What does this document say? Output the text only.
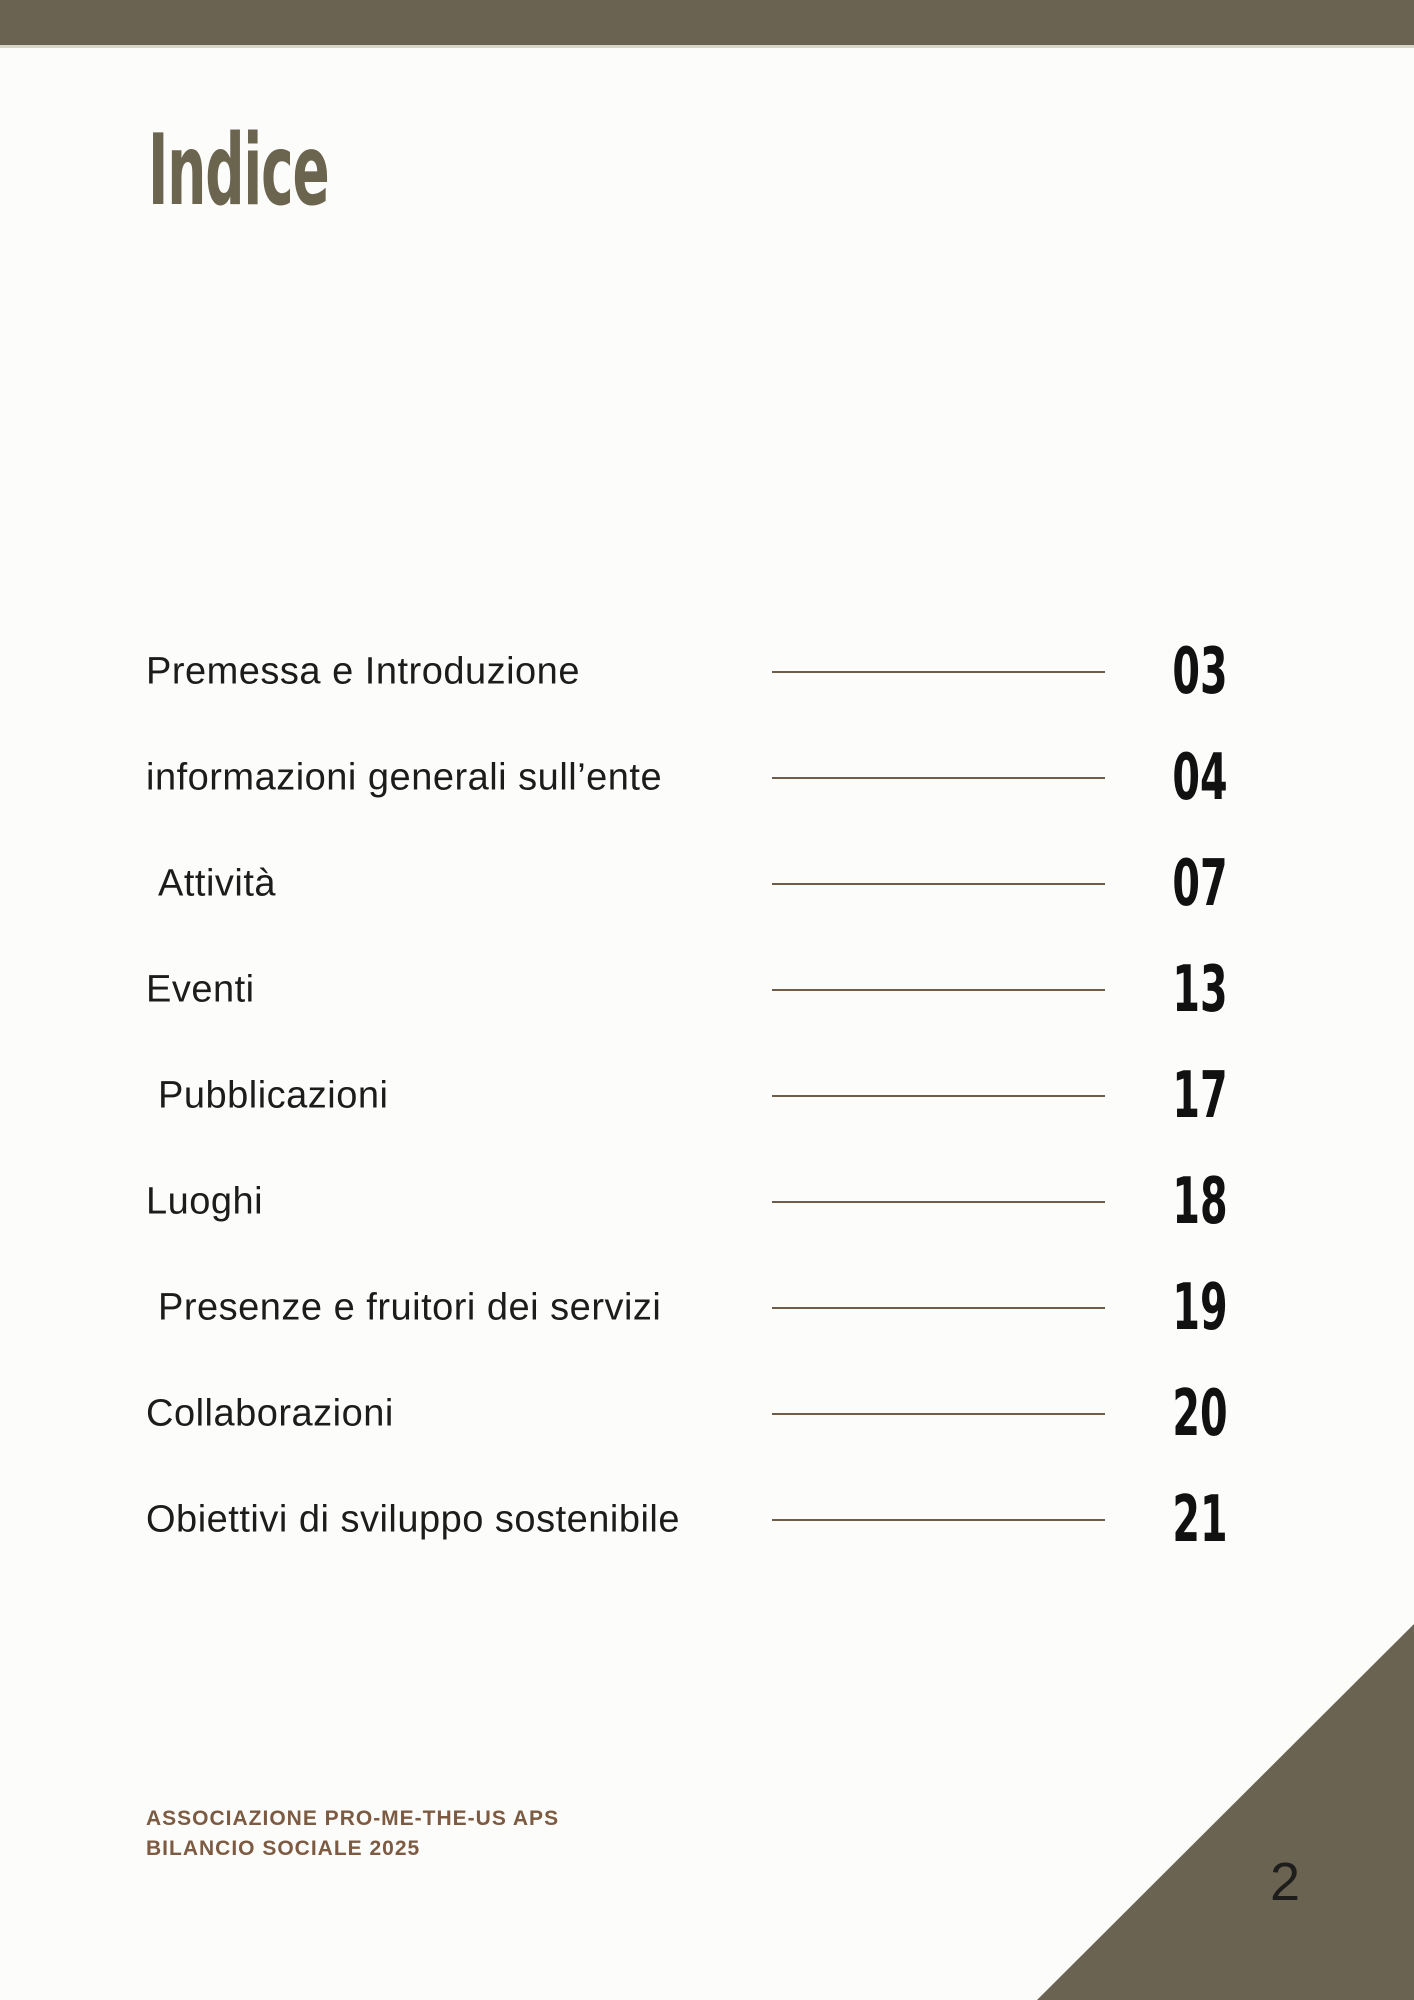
Indice
Premessa e Introduzione	03
informazioni generali sull’ente	04
Attività	07
Eventi	13
Pubblicazioni	17
Luoghi	18
Presenze e fruitori dei servizi	19
Collaborazioni	20
Obiettivi di sviluppo sostenibile	21
ASSOCIAZIONE PRO-ME-THE-US APS
BILANCIO SOCIALE 2025
2
